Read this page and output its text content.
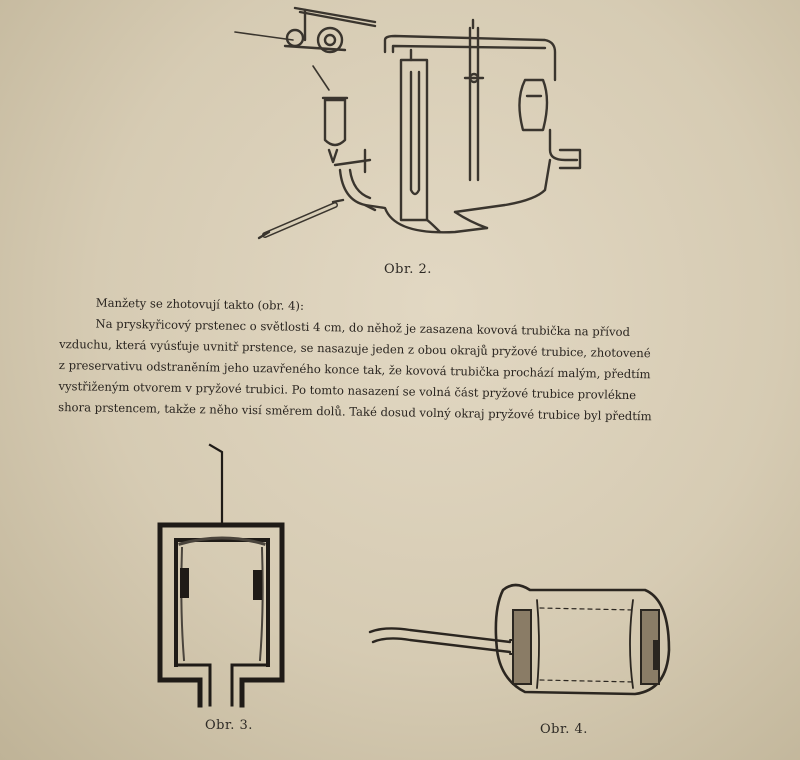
Obr. 2.

Manžety se zhotovují takto (obr. 4):

Na pryskyřicový prstenec o světlosti 4 cm, do něhož je zasazena kovová trubička na přívod

vzduchu, která vyúsťuje uvnitř prstence, se nasazuje jeden z obou okrajů pryžové trubice, zhotovené

z preservativu odstraněním jeho uzavřeného konce tak, že kovová trubička prochází malým, předtím

vystřiženým otvorem v pryžové trubici. Po tomto nasazení se volná část pryžové trubice provlékne

shora prstencem, takže z něho visí směrem dolů. Také dosud volný okraj pryžové trubice byl předtím

Obr. 3.	Obr. 4.
